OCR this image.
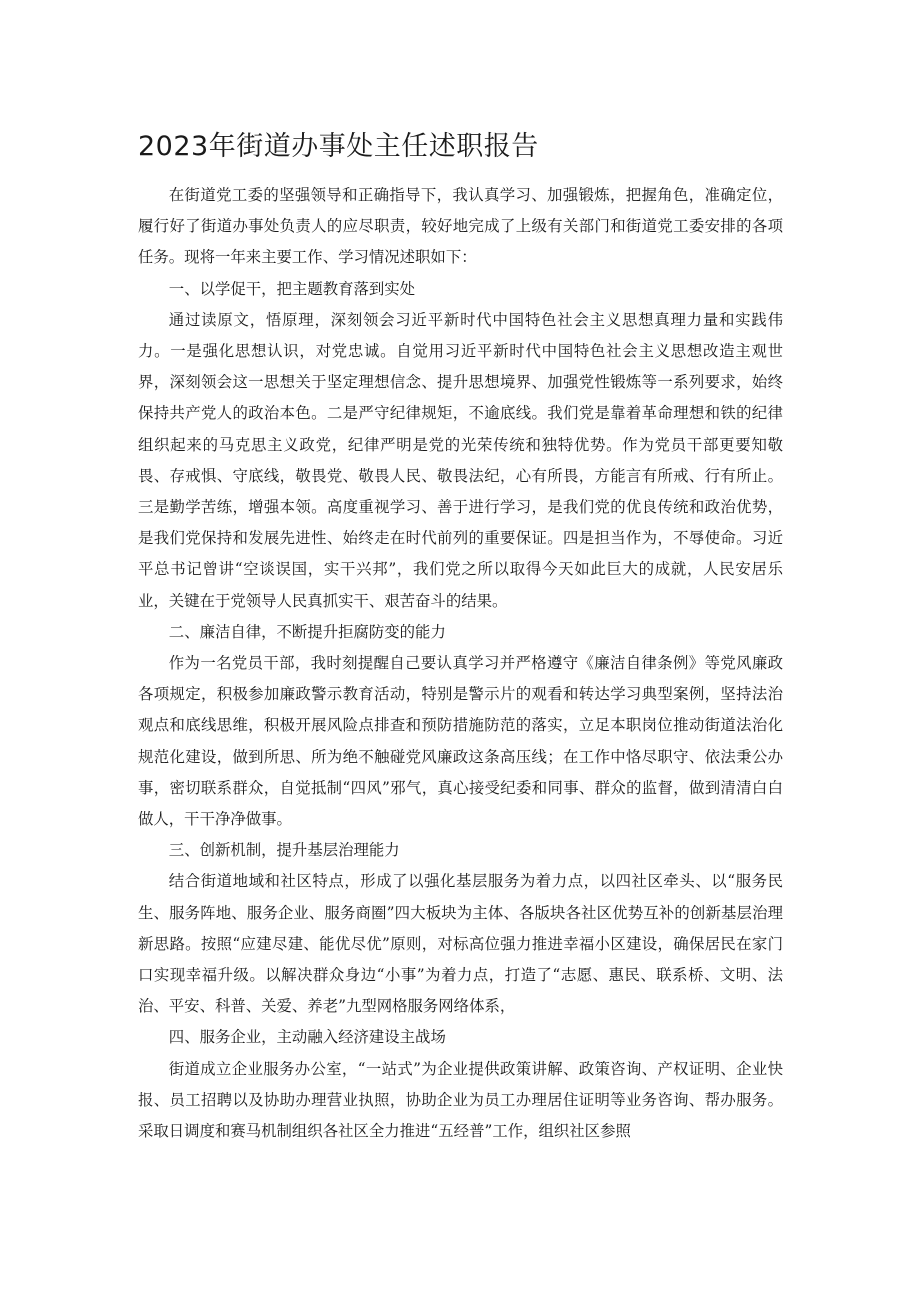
2023年街道办事处主任述职报告

在街道党工委的坚强领导和正确指导下，我认真学习、加强锻炼，把握角色，准确定位，履行好了街道办事处负责人的应尽职责，较好地完成了上级有关部门和街道党工委安排的各项任务。现将一年来主要工作、学习情况述职如下：

一、以学促干，把主题教育落到实处

通过读原文，悟原理，深刻领会习近平新时代中国特色社会主义思想真理力量和实践伟力。一是强化思想认识，对党忠诚。自觉用习近平新时代中国特色社会主义思想改造主观世界，深刻领会这一思想关于坚定理想信念、提升思想境界、加强党性锻炼等一系列要求，始终保持共产党人的政治本色。二是严守纪律规矩，不逾底线。我们党是靠着革命理想和铁的纪律组织起来的马克思主义政党，纪律严明是党的光荣传统和独特优势。作为党员干部更要知敬畏、存戒惧、守底线，敬畏党、敬畏人民、敬畏法纪，心有所畏，方能言有所戒、行有所止。三是勤学苦练，增强本领。高度重视学习、善于进行学习，是我们党的优良传统和政治优势，是我们党保持和发展先进性、始终走在时代前列的重要保证。四是担当作为，不辱使命。习近平总书记曾讲“空谈误国，实干兴邦”，我们党之所以取得今天如此巨大的成就，人民安居乐业，关键在于党领导人民真抓实干、艰苦奋斗的结果。

二、廉洁自律，不断提升拒腐防变的能力

作为一名党员干部，我时刻提醒自己要认真学习并严格遵守《廉洁自律条例》等党风廉政各项规定，积极参加廉政警示教育活动，特别是警示片的观看和转达学习典型案例，坚持法治观点和底线思维，积极开展风险点排查和预防措施防范的落实，立足本职岗位推动街道法治化规范化建设，做到所思、所为绝不触碰党风廉政这条高压线；在工作中恪尽职守、依法秉公办事，密切联系群众，自觉抵制“四风”邪气，真心接受纪委和同事、群众的监督，做到清清白白做人，干干净净做事。

三、创新机制，提升基层治理能力

结合街道地域和社区特点，形成了以强化基层服务为着力点，以四社区牵头、以“服务民生、服务阵地、服务企业、服务商圈”四大板块为主体、各版块各社区优势互补的创新基层治理新思路。按照“应建尽建、能优尽优”原则，对标高位强力推进幸福小区建设，确保居民在家门口实现幸福升级。以解决群众身边“小事”为着力点，打造了“志愿、惠民、联系桥、文明、法治、平安、科普、关爱、养老”九型网格服务网络体系，

四、服务企业，主动融入经济建设主战场

街道成立企业服务办公室，“一站式”为企业提供政策讲解、政策咨询、产权证明、企业快报、员工招聘以及协助办理营业执照，协助企业为员工办理居住证明等业务咨询、帮办服务。采取日调度和赛马机制组织各社区全力推进“五经普”工作，组织社区参照
